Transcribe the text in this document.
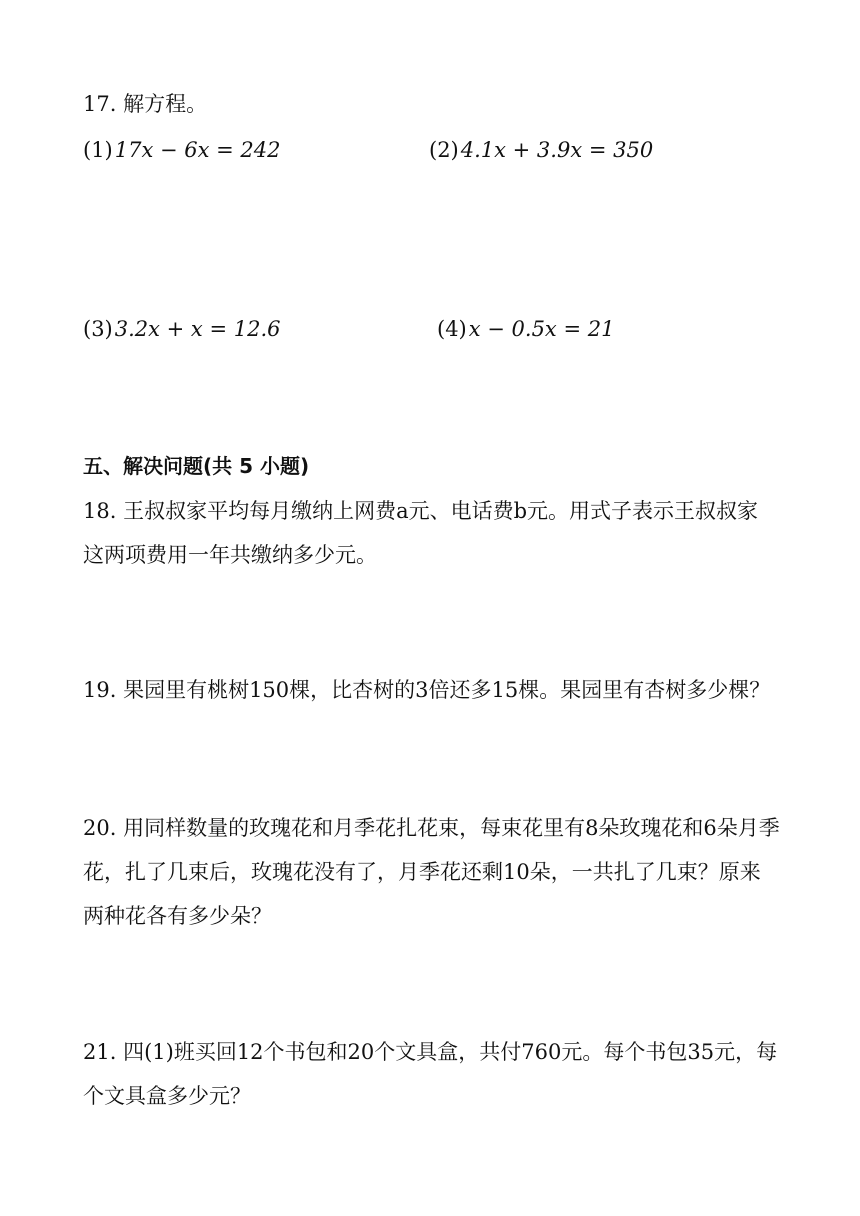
17. 解方程。
(1)17x − 6x = 242	(2)4.1x + 3.9x = 350
(3)3.2x + x = 12.6	(4)x − 0.5x = 21
五、解决问题(共 5 小题)
18. 王叔叔家平均每月缴纳上网费a元、电话费b元。用式子表示王叔叔家
这两项费用一年共缴纳多少元。
19. 果园里有桃树150棵，比杏树的3倍还多15棵。果园里有杏树多少棵？
20. 用同样数量的玫瑰花和月季花扎花束，每束花里有8朵玫瑰花和6朵月季
花，扎了几束后，玫瑰花没有了，月季花还剩10朵，一共扎了几束？原来
两种花各有多少朵？
21. 四(1)班买回12个书包和20个文具盒，共付760元。每个书包35元，每
个文具盒多少元？
